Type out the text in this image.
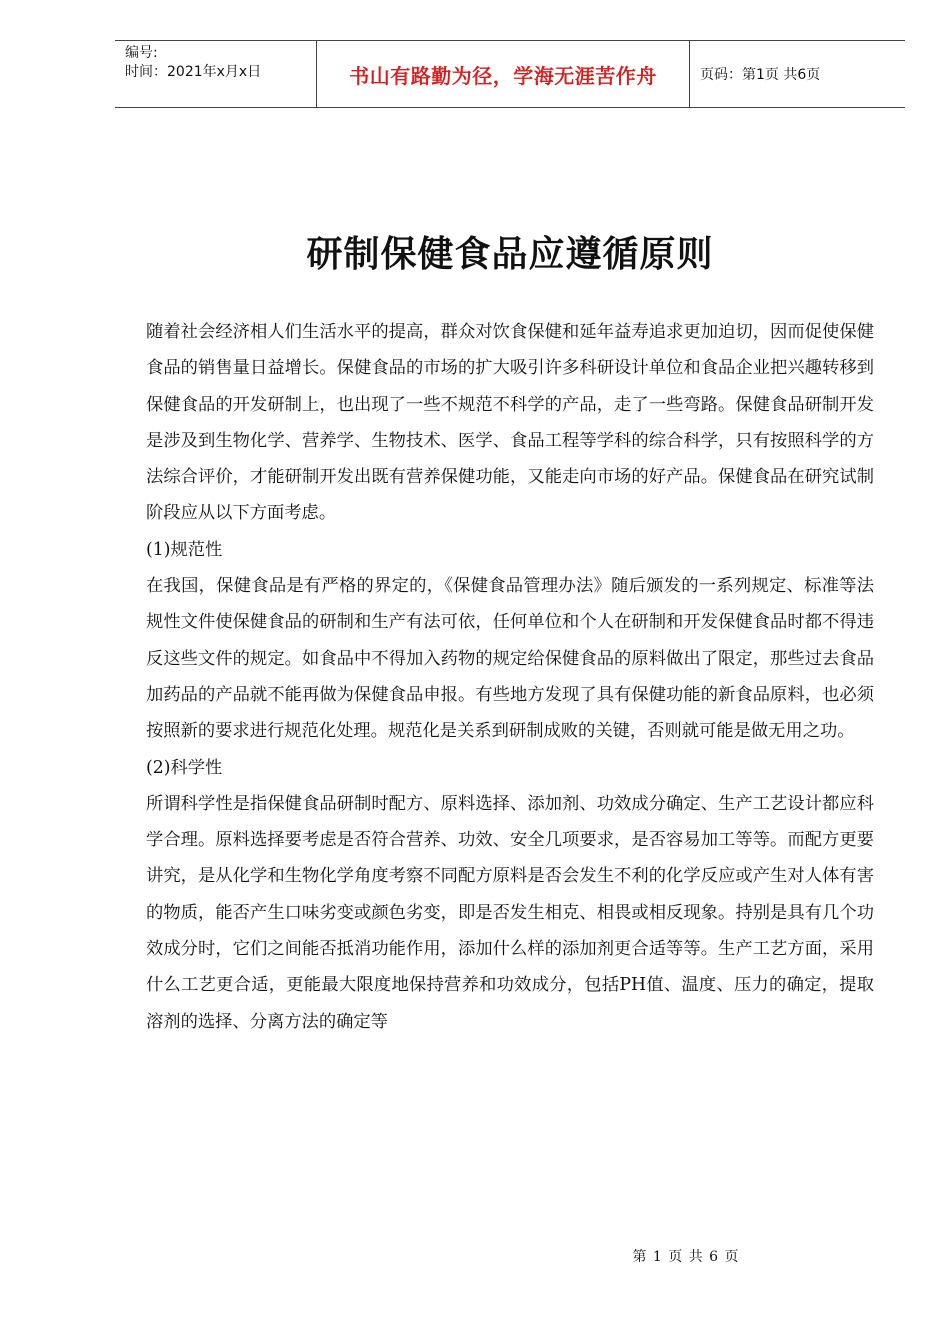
编号:
时间：2021年x月x日	书山有路勤为径，学海无涯苦作舟	页码：第1页 共6页
研制保健食品应遵循原则

随着社会经济相人们生活水平的提高，群众对饮食保健和延年益寿追求更加迫切，因而促使保健食品的销售量日益增长。保健食品的市场的扩大吸引许多科研设计单位和食品企业把兴趣转移到保健食品的开发研制上，也出现了一些不规范不科学的产品，走了一些弯路。保健食品研制开发是涉及到生物化学、营养学、生物技术、医学、食品工程等学科的综合科学，只有按照科学的方法综合评价，才能研制开发出既有营养保健功能，又能走向市场的好产品。保健食品在研究试制阶段应从以下方面考虑。

(1)规范性

在我国，保健食品是有严格的界定的，《保健食品管理办法》随后颁发的一系列规定、标准等法规性文件使保健食品的研制和生产有法可依，任何单位和个人在研制和开发保健食品时都不得违反这些文件的规定。如食品中不得加入药物的规定给保健食品的原料做出了限定，那些过去食品加药品的产品就不能再做为保健食品申报。有些地方发现了具有保健功能的新食品原料，也必须按照新的要求进行规范化处理。规范化是关系到研制成败的关键，否则就可能是做无用之功。

(2)科学性

所谓科学性是指保健食品研制时配方、原料选择、添加剂、功效成分确定、生产工艺设计都应科学合理。原料选择要考虑是否符合营养、功效、安全几项要求，是否容易加工等等。而配方更要讲究，是从化学和生物化学角度考察不同配方原料是否会发生不利的化学反应或产生对人体有害的物质，能否产生口味劣变或颜色劣变，即是否发生相克、相畏或相反现象。持别是具有几个功效成分时，它们之间能否抵消功能作用，添加什么样的添加剂更合适等等。生产工艺方面，采用什么工艺更合适，更能最大限度地保持营养和功效成分，包括PH值、温度、压力的确定，提取溶剂的选择、分离方法的确定等

第 1 页 共 6 页
